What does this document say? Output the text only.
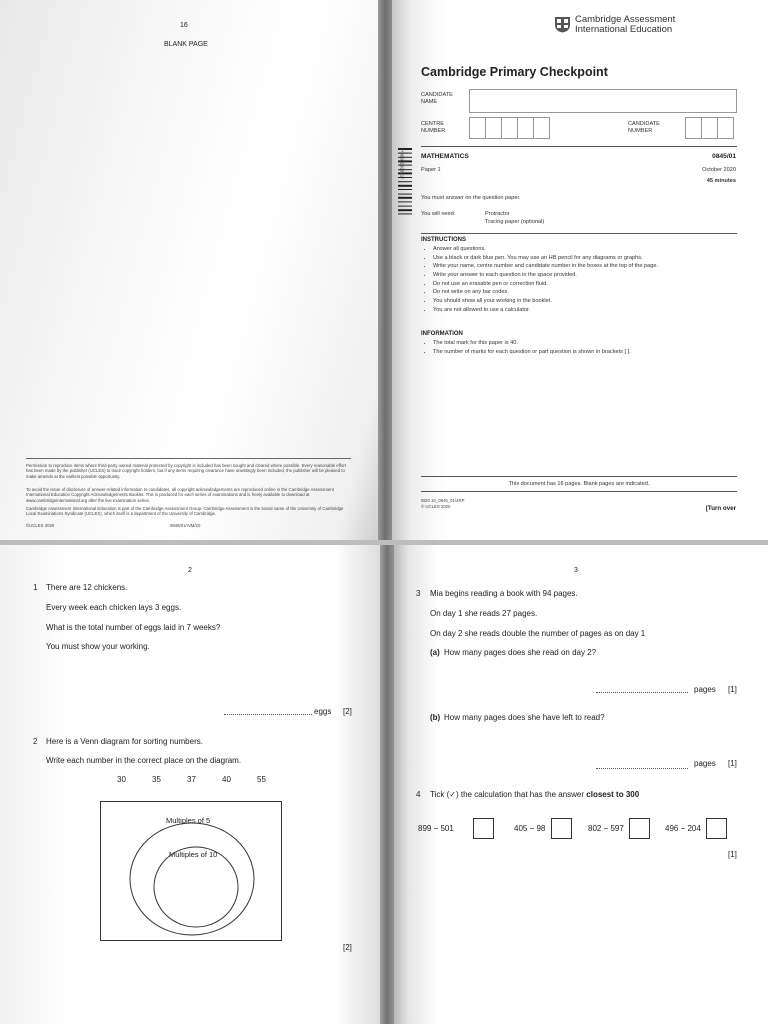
16
BLANK PAGE
Permission to reproduce items where third-party owned material protected by copyright is included has been sought and cleared where possible. Every reasonable effort has been made by the publisher (UCLES) to trace copyright holders, but if any items requiring clearance have unwittingly been included, the publisher will be pleased to make amends at the earliest possible opportunity.
To avoid the issue of disclosure of answer-related information to candidates, all copyright acknowledgements are reproduced online in the Cambridge Assessment International Education Copyright Acknowledgements Booklet. This is produced for each series of examinations and is freely available to download at www.cambridgeinternational.org after the live examination series.
Cambridge Assessment International Education is part of the Cambridge Assessment Group. Cambridge Assessment is the brand name of the University of Cambridge Local Examinations Syndicate (UCLES), which itself is a department of the University of Cambridge.
©UCLES 2020	0845/01/A/M/20
Cambridge Assessment
International Education
Cambridge Primary Checkpoint
CANDIDATE NAME
CENTRE NUMBER
CANDIDATE NUMBER
*3096299381*	MATHEMATICS	0845/01
Paper 1	October 2020
45 minutes
You must answer on the question paper.
You will need:	Protractor
Tracing paper (optional)
INSTRUCTIONS
• Answer all questions.
• Use a black or dark blue pen. You may use an HB pencil for any diagrams or graphs.
• Write your name, centre number and candidate number in the boxes at the top of the page.
• Write your answer to each question in the space provided.
• Do not use an erasable pen or correction fluid.
• Do not write on any bar codes.
• You should show all your working in the booklet.
• You are not allowed to use a calculator.
INFORMATION
• The total mark for this paper is 40.
• The number of marks for each question or part question is shown in brackets [ ].
This document has 16 pages. Blank pages are indicated.
IB20 10_0845_01/4RP
© UCLES 2020	[Turn over
2
1 There are 12 chickens.
Every week each chicken lays 3 eggs.
What is the total number of eggs laid in 7 weeks?
You must show your working.
eggs [2]
2 Here is a Venn diagram for sorting numbers.
Write each number in the correct place on the diagram.
30	35	37	40	55
Multiples of 5
Multiples of 10
[2]
3
3 Mia begins reading a book with 94 pages.
On day 1 she reads 27 pages.
On day 2 she reads double the number of pages as on day 1
(a) How many pages does she read on day 2?
pages [1]
(b) How many pages does she have left to read?
pages [1]
4 Tick (✓) the calculation that has the answer closest to 300
899 − 501	405 − 98	802 − 597	496 − 204
[1]
